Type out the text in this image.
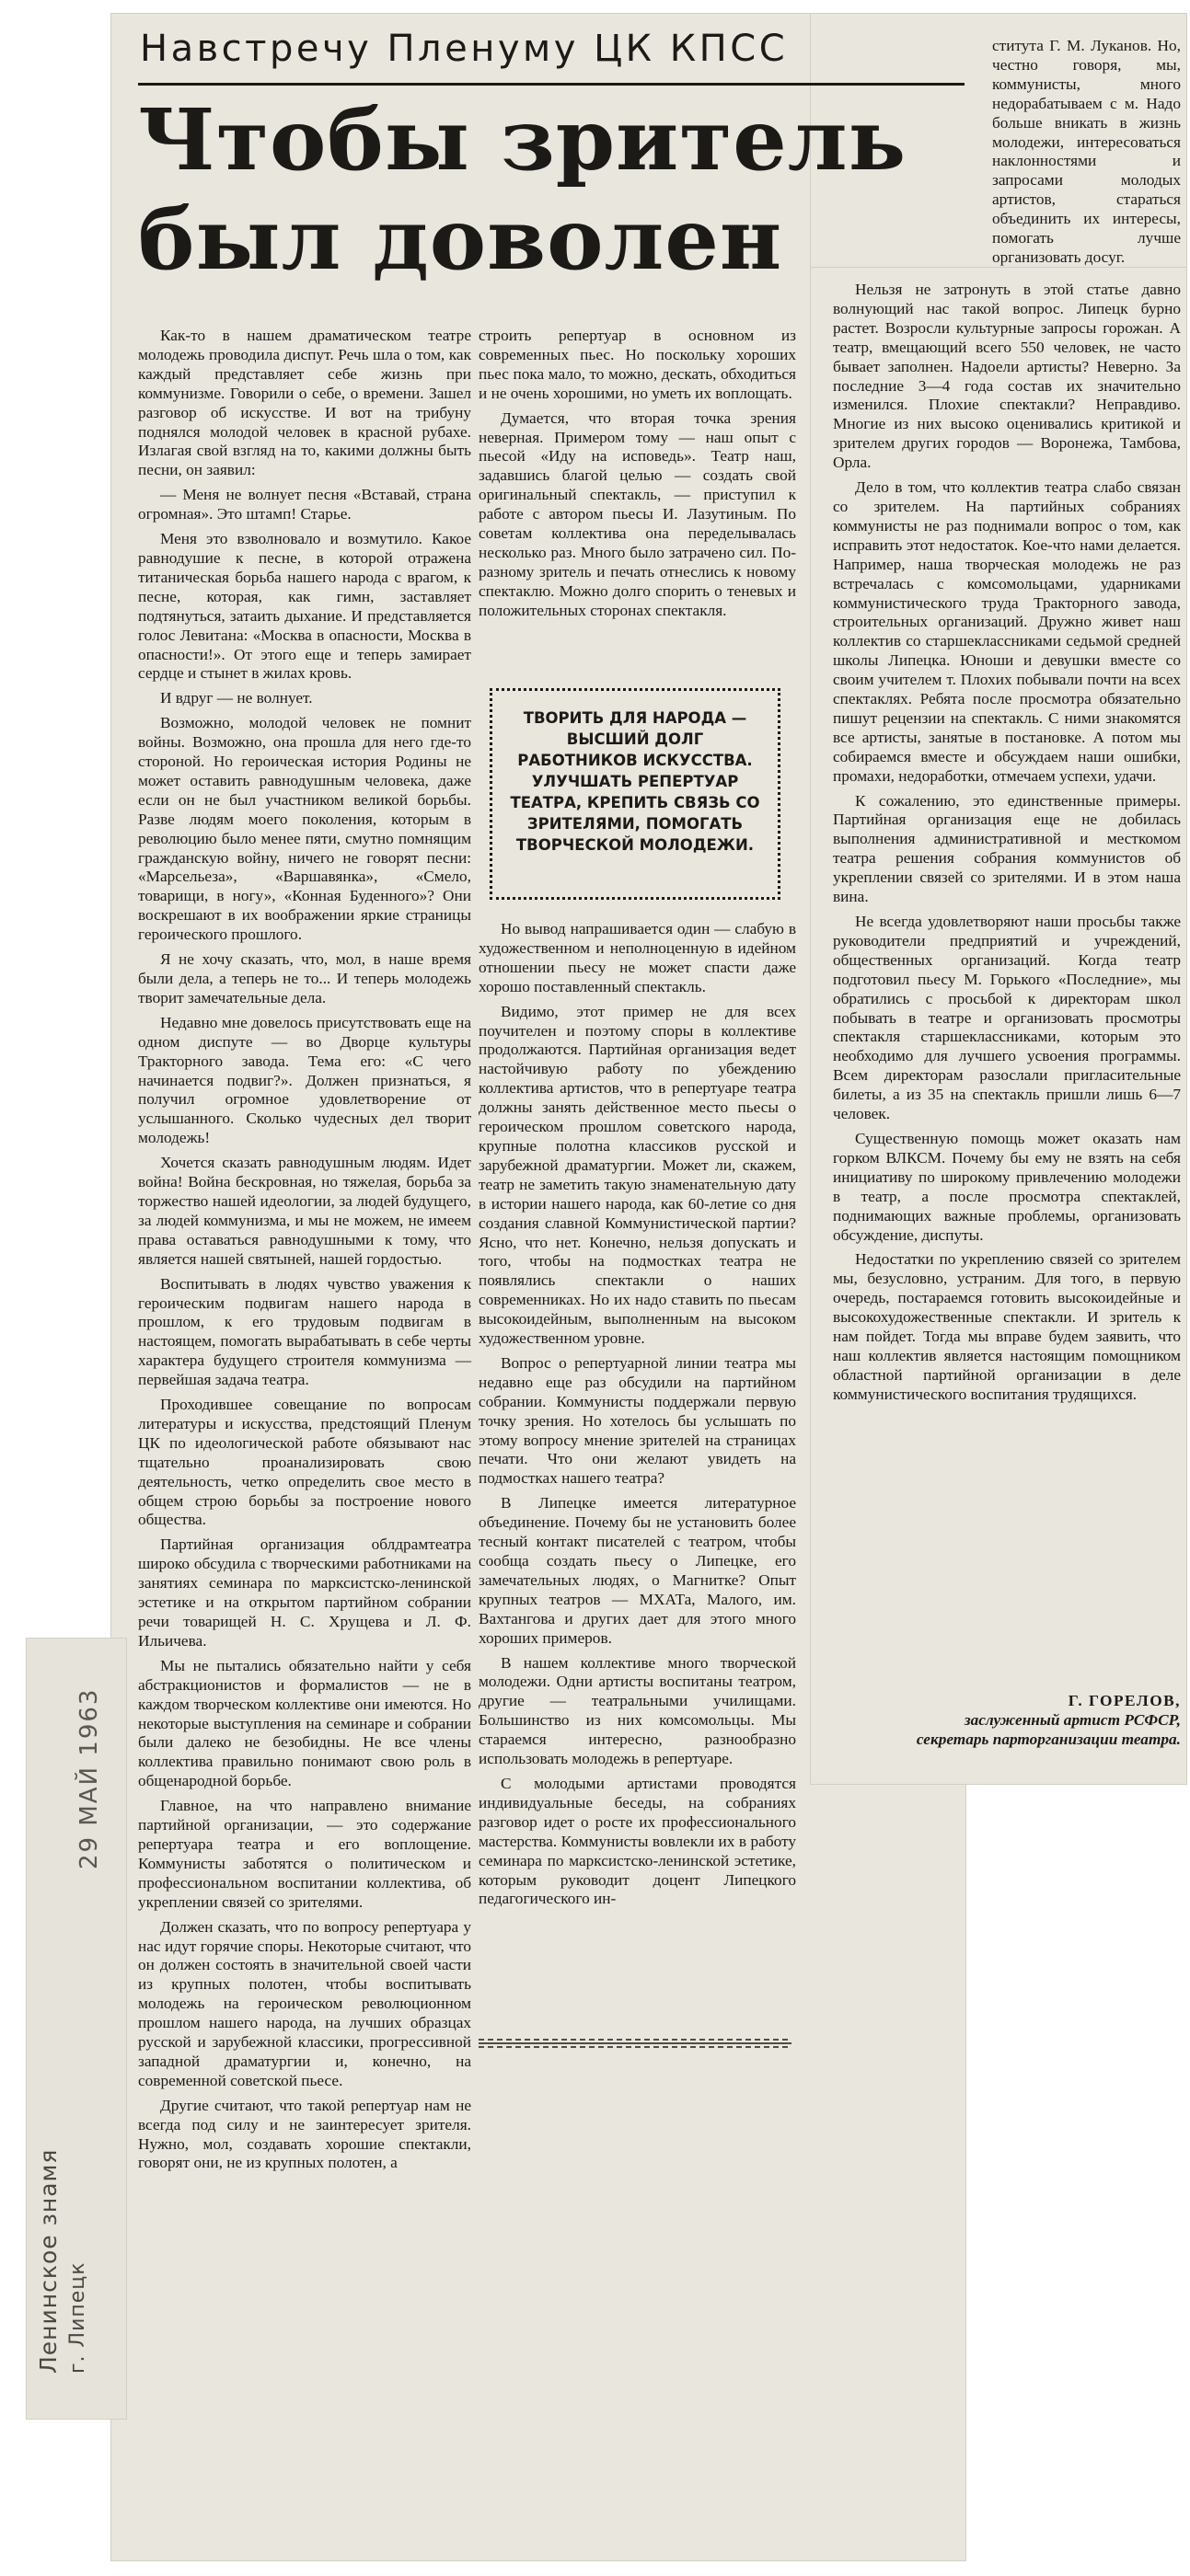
Навстречу Пленуму ЦК КПСС
Чтобы зритель
был доволен

Как-то в нашем драматическом театре молодежь проводила диспут. Речь шла о том, как каждый представляет себе жизнь при коммунизме. Говорили о себе, о времени. Зашел разговор об искусстве. И вот на трибуну поднялся молодой человек в красной рубахе. Излагая свой взгляд на то, какими должны быть песни, он заявил:

— Меня не волнует песня «Вставай, страна огромная». Это штамп! Старье.

Меня это взволновало и возмутило. Какое равнодушие к песне, в которой отражена титаническая борьба нашего народа с врагом, к песне, которая, как гимн, заставляет подтянуться, затаить дыхание. И представляется голос Левитана: «Москва в опасности, Москва в опасности!». От этого еще и теперь замирает сердце и стынет в жилах кровь.

И вдруг — не волнует.

Возможно, молодой человек не помнит войны. Возможно, она прошла для него где-то стороной. Но героическая история Родины не может оставить равнодушным человека, даже если он не был участником великой борьбы. Разве людям моего поколения, которым в революцию было менее пяти, смутно помнящим гражданскую войну, ничего не говорят песни: «Марсельеза», «Варшавянка», «Смело, товарищи, в ногу», «Конная Буденного»? Они воскрешают в их воображении яркие страницы героического прошлого.

Я не хочу сказать, что, мол, в наше время были дела, а теперь не то... И теперь молодежь творит замечательные дела.

Недавно мне довелось присутствовать еще на одном диспуте — во Дворце культуры Тракторного завода. Тема его: «С чего начинается подвиг?». Должен признаться, я получил огромное удовлетворение от услышанного. Сколько чудесных дел творит молодежь!

Хочется сказать равнодушным людям. Идет война! Война бескровная, но тяжелая, борьба за торжество нашей идеологии, за людей будущего, за людей коммунизма, и мы не можем, не имеем права оставаться равнодушными к тому, что является нашей святыней, нашей гордостью.

Воспитывать в людях чувство уважения к героическим подвигам нашего народа в прошлом, к его трудовым подвигам в настоящем, помогать вырабатывать в себе черты характера будущего строителя коммунизма — первейшая задача театра.

Проходившее совещание по вопросам литературы и искусства, предстоящий Пленум ЦК по идеологической работе обязывают нас тщательно проанализировать свою деятельность, четко определить свое место в общем строю борьбы за построение нового общества.

Партийная организация облдрамтеатра широко обсудила с творческими работниками на занятиях семинара по марксистско-ленинской эстетике и на открытом партийном собрании речи товарищей Н. С. Хрущева и Л. Ф. Ильичева.

Мы не пытались обязательно найти у себя абстракционистов и формалистов — не в каждом творческом коллективе они имеются. Но некоторые выступления на семинаре и собрании были далеко не безобидны. Не все члены коллектива правильно понимают свою роль в общенародной борьбе.

Главное, на что направлено внимание партийной организации, — это содержание репертуара театра и его воплощение. Коммунисты заботятся о политическом и профессиональном воспитании коллектива, об укреплении связей со зрителями.

Должен сказать, что по вопросу репертуара у нас идут горячие споры. Некоторые считают, что он должен состоять в значительной своей части из крупных полотен, чтобы воспитывать молодежь на героическом революционном прошлом нашего народа, на лучших образцах русской и зарубежной классики, прогрессивной западной драматургии и, конечно, на современной советской пьесе.

Другие считают, что такой репертуар нам не всегда под силу и не заинтересует зрителя. Нужно, мол, создавать хорошие спектакли, говорят они, не из крупных полотен, а

строить репертуар в основном из современных пьес. Но поскольку хороших пьес пока мало, то можно, дескать, обходиться и не очень хорошими, но уметь их воплощать.

Думается, что вторая точка зрения неверная. Примером тому — наш опыт с пьесой «Иду на исповедь». Театр наш, задавшись благой целью — создать свой оригинальный спектакль, — приступил к работе с автором пьесы И. Лазутиным. По советам коллектива она переделывалась несколько раз. Много было затрачено сил. По-разному зритель и печать отнеслись к новому спектаклю. Можно долго спорить о теневых и положительных сторонах спектакля.

ТВОРИТЬ ДЛЯ НАРОДА — ВЫСШИЙ ДОЛГ РАБОТНИКОВ ИСКУССТВА. УЛУЧШАТЬ РЕПЕРТУАР ТЕАТРА, КРЕПИТЬ СВЯЗЬ СО ЗРИТЕЛЯМИ, ПОМОГАТЬ ТВОРЧЕСКОЙ МОЛОДЕЖИ.

Но вывод напрашивается один — слабую в художественном и неполноценную в идейном отношении пьесу не может спасти даже хорошо поставленный спектакль.

Видимо, этот пример не для всех поучителен и поэтому споры в коллективе продолжаются. Партийная организация ведет настойчивую работу по убеждению коллектива артистов, что в репертуаре театра должны занять действенное место пьесы о героическом прошлом советского народа, крупные полотна классиков русской и зарубежной драматургии. Может ли, скажем, театр не заметить такую знаменательную дату в истории нашего народа, как 60-летие со дня создания славной Коммунистической партии? Ясно, что нет. Конечно, нельзя допускать и того, чтобы на подмостках театра не появлялись спектакли о наших современниках. Но их надо ставить по пьесам высокоидейным, выполненным на высоком художественном уровне.

Вопрос о репертуарной линии театра мы недавно еще раз обсудили на партийном собрании. Коммунисты поддержали первую точку зрения. Но хотелось бы услышать по этому вопросу мнение зрителей на страницах печати. Что они желают увидеть на подмостках нашего театра?

В Липецке имеется литературное объединение. Почему бы не установить более тесный контакт писателей с театром, чтобы сообща создать пьесу о Липецке, его замечательных людях, о Магнитке? Опыт крупных театров — МХАТа, Малого, им. Вахтангова и других дает для этого много хороших примеров.

В нашем коллективе много творческой молодежи. Одни артисты воспитаны театром, другие — театральными училищами. Большинство из них комсомольцы. Мы стараемся интересно, разнообразно использовать молодежь в репертуаре.

С молодыми артистами проводятся индивидуальные беседы, на собраниях разговор идет о росте их профессионального мастерства. Коммунисты вовлекли их в работу семинара по марксистско-ленинской эстетике, которым руководит доцент Липецкого педагогического ин-

ститута Г. М. Луканов. Но, честно говоря, мы, коммунисты, много недорабатываем с м. Надо больше вникать в жизнь молодежи, интересоваться наклонностями и запросами молодых артистов, стараться объединить их интересы, помогать лучше организовать досуг.

Нельзя не затронуть в этой статье давно волнующий нас такой вопрос. Липецк бурно растет. Возросли культурные запросы горожан. А театр, вмещающий всего 550 человек, не часто бывает заполнен. Надоели артисты? Неверно. За последние 3—4 года состав их значительно изменился. Плохие спектакли? Неправдиво. Многие из них высоко оценивались критикой и зрителем других городов — Воронежа, Тамбова, Орла.

Дело в том, что коллектив театра слабо связан со зрителем. На партийных собраниях коммунисты не раз поднимали вопрос о том, как исправить этот недостаток. Кое-что нами делается. Например, наша творческая молодежь не раз встречалась с комсомольцами, ударниками коммунистического труда Тракторного завода, строительных организаций. Дружно живет наш коллектив со старшеклассниками седьмой средней школы Липецка. Юноши и девушки вместе со своим учителем т. Плохих побывали почти на всех спектаклях. Ребята после просмотра обязательно пишут рецензии на спектакль. С ними знакомятся все артисты, занятые в постановке. А потом мы собираемся вместе и обсуждаем наши ошибки, промахи, недоработки, отмечаем успехи, удачи.

К сожалению, это единственные примеры. Партийная организация еще не добилась выполнения административной и месткомом театра решения собрания коммунистов об укреплении связей со зрителями. И в этом наша вина.

Не всегда удовлетворяют наши просьбы также руководители предприятий и учреждений, общественных организаций. Когда театр подготовил пьесу М. Горького «Последние», мы обратились с просьбой к директорам школ побывать в театре и организовать просмотры спектакля старшеклассниками, которым это необходимо для лучшего усвоения программы. Всем директорам разослали пригласительные билеты, а из 35 на спектакль пришли лишь 6—7 человек.

Существенную помощь может оказать нам горком ВЛКСМ. Почему бы ему не взять на себя инициативу по широкому привлечению молодежи в театр, а после просмотра спектаклей, поднимающих важные проблемы, организовать обсуждение, диспуты.

Недостатки по укреплению связей со зрителем мы, безусловно, устраним. Для того, в первую очередь, постараемся готовить высокоидейные и высокохудожественные спектакли. И зритель к нам пойдет. Тогда мы вправе будем заявить, что наш коллектив является настоящим помощником областной партийной организации в деле коммунистического воспитания трудящихся.

Г. ГОРЕЛОВ,
заслуженный артист РСФСР,
секретарь парторганизации театра.
29 МАЙ 1963
Ленинское знамя г. Липецк
